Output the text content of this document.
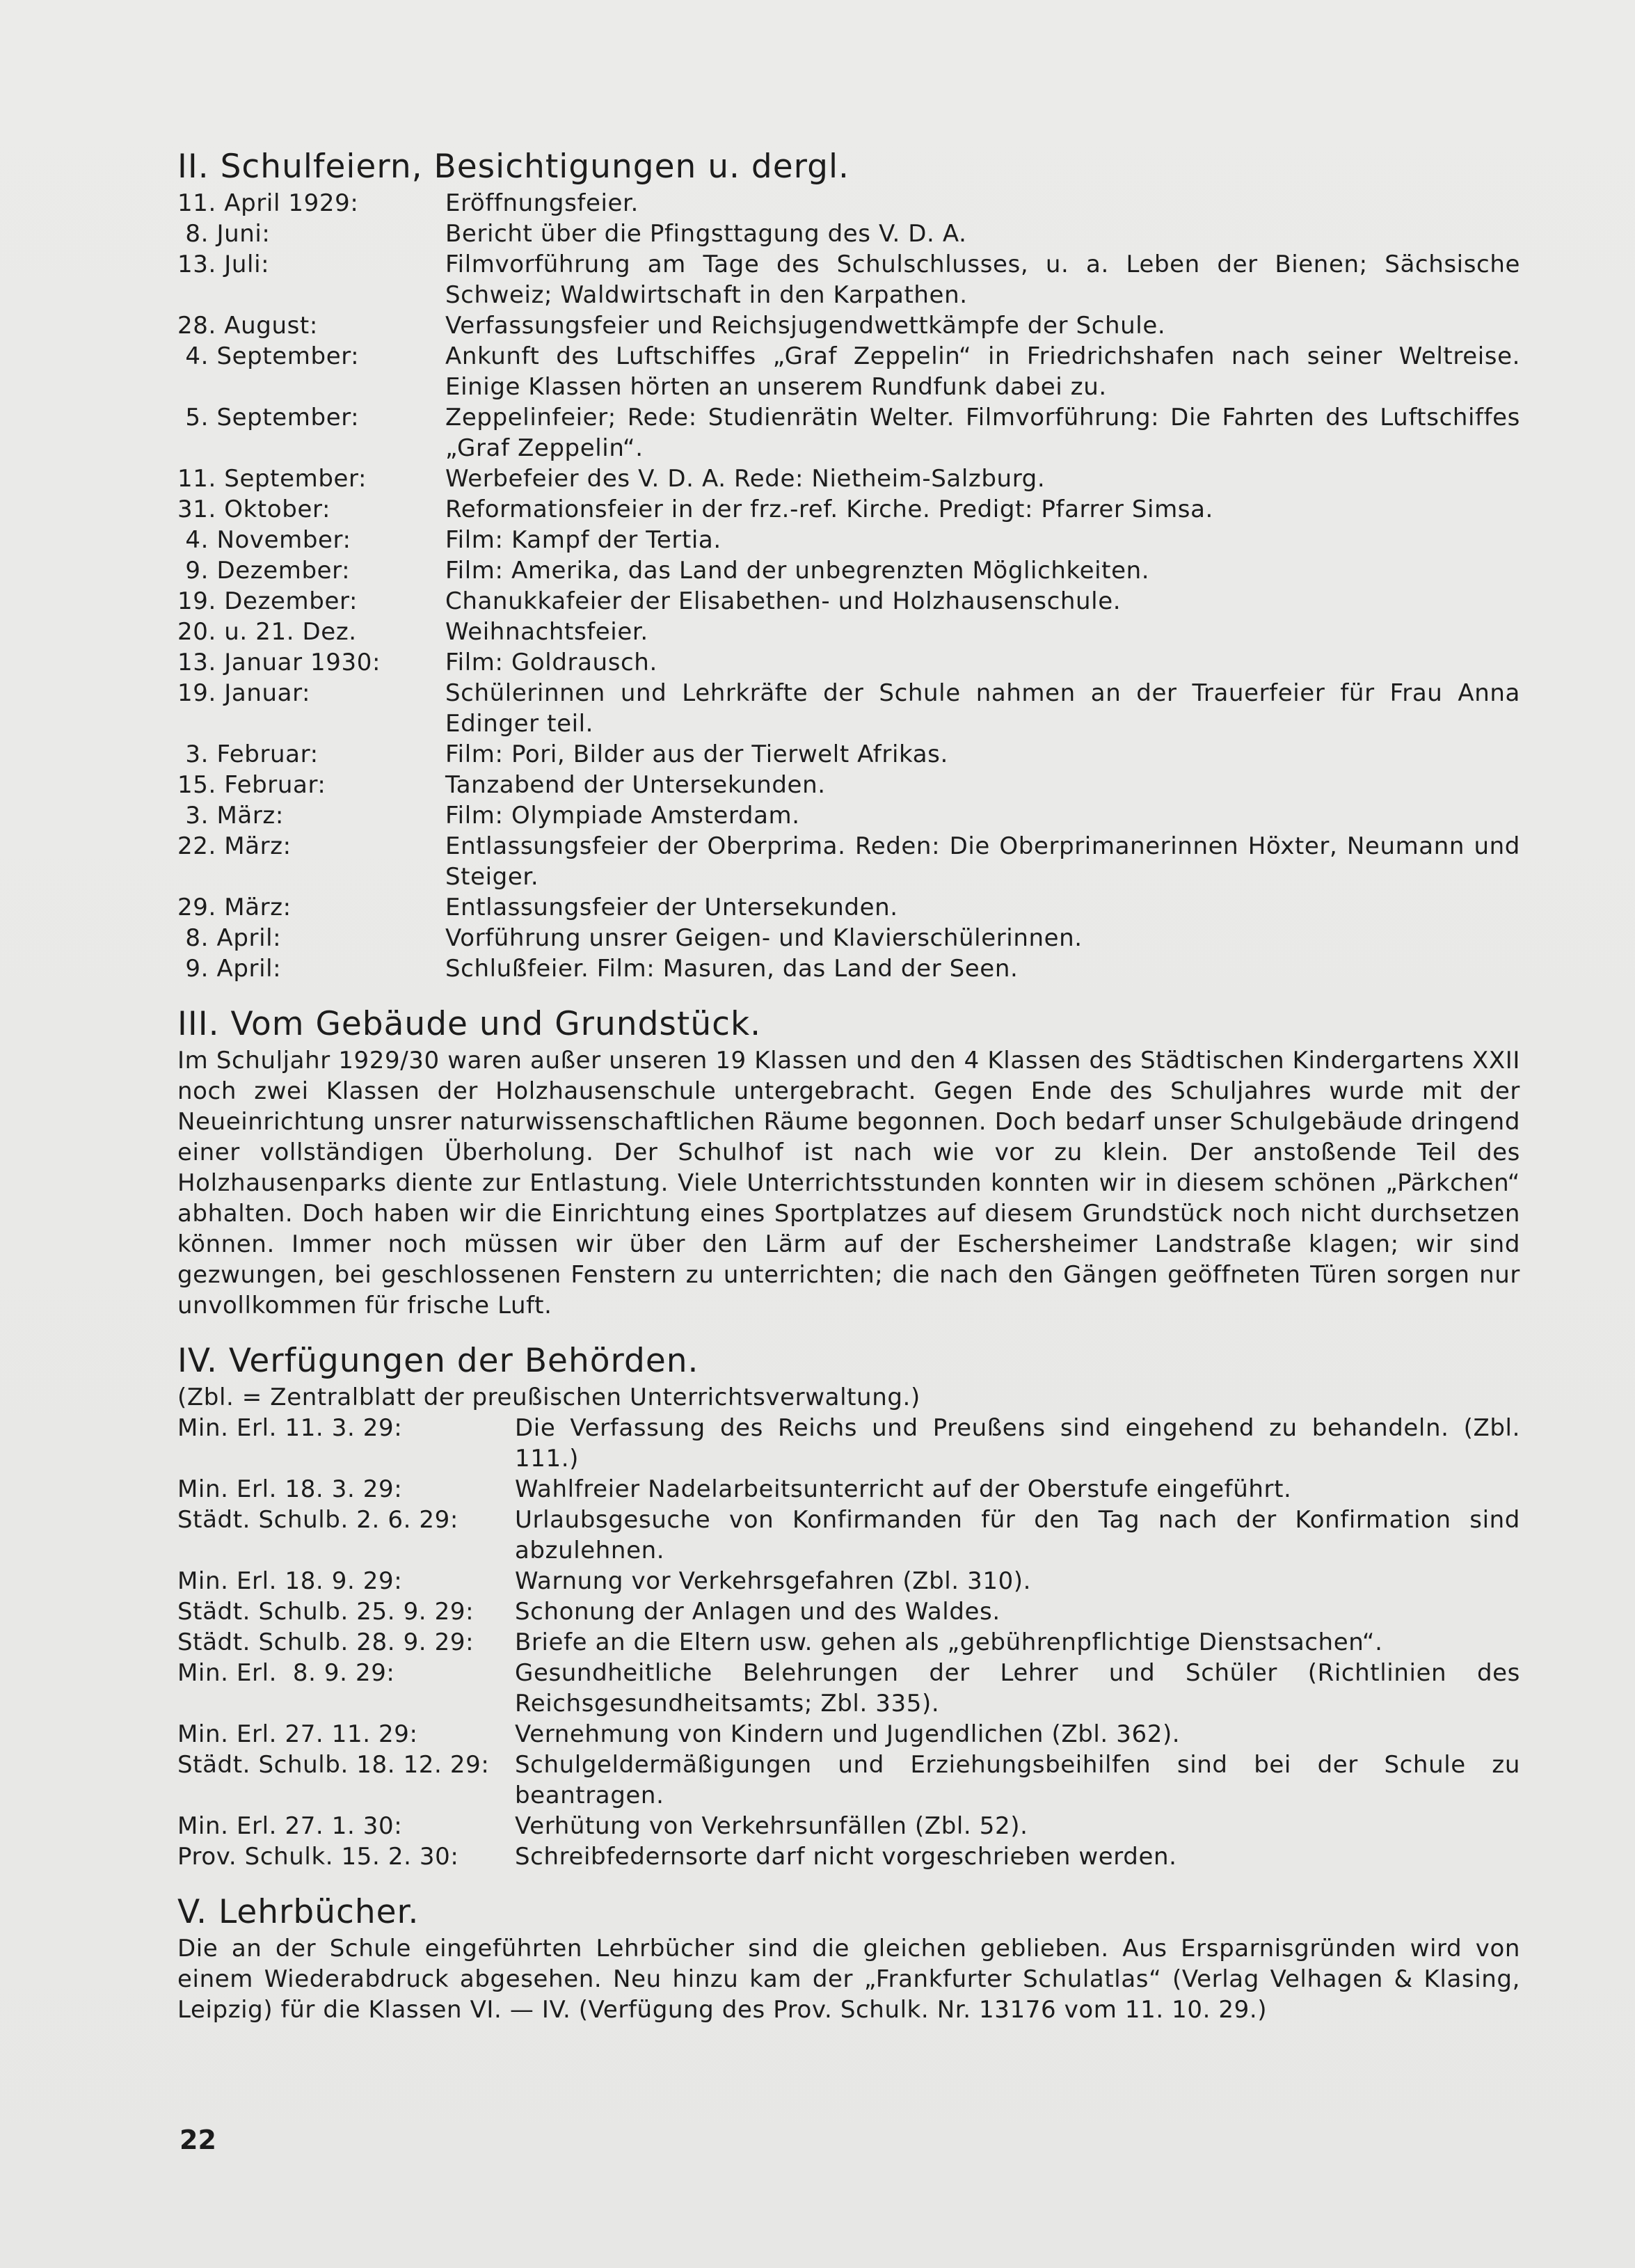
II. Schulfeiern, Besichtigungen u. dergl.
11. April 1929:	Eröffnungsfeier.
8. Juni:	Bericht über die Pfingsttagung des V. D. A.
13. Juli:	Filmvorführung am Tage des Schulschlusses, u. a. Leben der Bienen; Sächsische Schweiz; Waldwirtschaft in den Karpathen.
28. August:	Verfassungsfeier und Reichsjugendwettkämpfe der Schule.
4. September:	Ankunft des Luftschiffes „Graf Zeppelin“ in Friedrichshafen nach seiner Weltreise. Einige Klassen hörten an unserem Rundfunk dabei zu.
5. September:	Zeppelinfeier; Rede: Studienrätin Welter. Filmvorführung: Die Fahrten des Luftschiffes „Graf Zeppelin“.
11. September:	Werbefeier des V. D. A. Rede: Nietheim-Salzburg.
31. Oktober:	Reformationsfeier in der frz.-ref. Kirche. Predigt: Pfarrer Simsa.
4. November:	Film: Kampf der Tertia.
9. Dezember:	Film: Amerika, das Land der unbegrenzten Möglichkeiten.
19. Dezember:	Chanukkafeier der Elisabethen- und Holzhausenschule.
20. u. 21. Dez.	Weihnachtsfeier.
13. Januar 1930:	Film: Goldrausch.
19. Januar:	Schülerinnen und Lehrkräfte der Schule nahmen an der Trauerfeier für Frau Anna Edinger teil.
3. Februar:	Film: Pori, Bilder aus der Tierwelt Afrikas.
15. Februar:	Tanzabend der Untersekunden.
3. März:	Film: Olympiade Amsterdam.
22. März:	Entlassungsfeier der Oberprima. Reden: Die Oberprimanerinnen Höxter, Neumann und Steiger.
29. März:	Entlassungsfeier der Untersekunden.
8. April:	Vorführung unsrer Geigen- und Klavierschülerinnen.
9. April:	Schlußfeier. Film: Masuren, das Land der Seen.
III. Vom Gebäude und Grundstück.

Im Schuljahr 1929/30 waren außer unseren 19 Klassen und den 4 Klassen des Städtischen Kindergartens XXII noch zwei Klassen der Holzhausenschule untergebracht. Gegen Ende des Schuljahres wurde mit der Neueinrichtung unsrer naturwissenschaftlichen Räume begonnen. Doch bedarf unser Schulgebäude dringend einer vollständigen Überholung. Der Schulhof ist nach wie vor zu klein. Der anstoßende Teil des Holzhausenparks diente zur Entlastung. Viele Unterrichtsstunden konnten wir in diesem schönen „Pärkchen“ abhalten. Doch haben wir die Einrichtung eines Sportplatzes auf diesem Grundstück noch nicht durchsetzen können. Immer noch müssen wir über den Lärm auf der Eschersheimer Landstraße klagen; wir sind gezwungen, bei geschlossenen Fenstern zu unterrichten; die nach den Gängen geöffneten Türen sorgen nur unvollkommen für frische Luft.

IV. Verfügungen der Behörden.
(Zbl. = Zentralblatt der preußischen Unterrichtsverwaltung.)
Min. Erl. 11. 3. 29:	Die Verfassung des Reichs und Preußens sind eingehend zu behandeln. (Zbl. 111.)
Min. Erl. 18. 3. 29:	Wahlfreier Nadelarbeitsunterricht auf der Oberstufe eingeführt.
Städt. Schulb. 2. 6. 29:	Urlaubsgesuche von Konfirmanden für den Tag nach der Konfirmation sind abzulehnen.
Min. Erl. 18. 9. 29:	Warnung vor Verkehrsgefahren (Zbl. 310).
Städt. Schulb. 25. 9. 29:	Schonung der Anlagen und des Waldes.
Städt. Schulb. 28. 9. 29:	Briefe an die Eltern usw. gehen als „gebührenpflichtige Dienstsachen“.
Min. Erl.  8. 9. 29:	Gesundheitliche Belehrungen der Lehrer und Schüler (Richtlinien des Reichsgesundheitsamts; Zbl. 335).
Min. Erl. 27. 11. 29:	Vernehmung von Kindern und Jugendlichen (Zbl. 362).
Städt. Schulb. 18. 12. 29:	Schulgeldermäßigungen und Erziehungsbeihilfen sind bei der Schule zu beantragen.
Min. Erl. 27. 1. 30:	Verhütung von Verkehrsunfällen (Zbl. 52).
Prov. Schulk. 15. 2. 30:	Schreibfedernsorte darf nicht vorgeschrieben werden.
V. Lehrbücher.

Die an der Schule eingeführten Lehrbücher sind die gleichen geblieben. Aus Ersparnisgründen wird von einem Wiederabdruck abgesehen. Neu hinzu kam der „Frankfurter Schulatlas“ (Verlag Velhagen & Klasing, Leipzig) für die Klassen VI. — IV. (Verfügung des Prov. Schulk. Nr. 13176 vom 11. 10. 29.)

22
